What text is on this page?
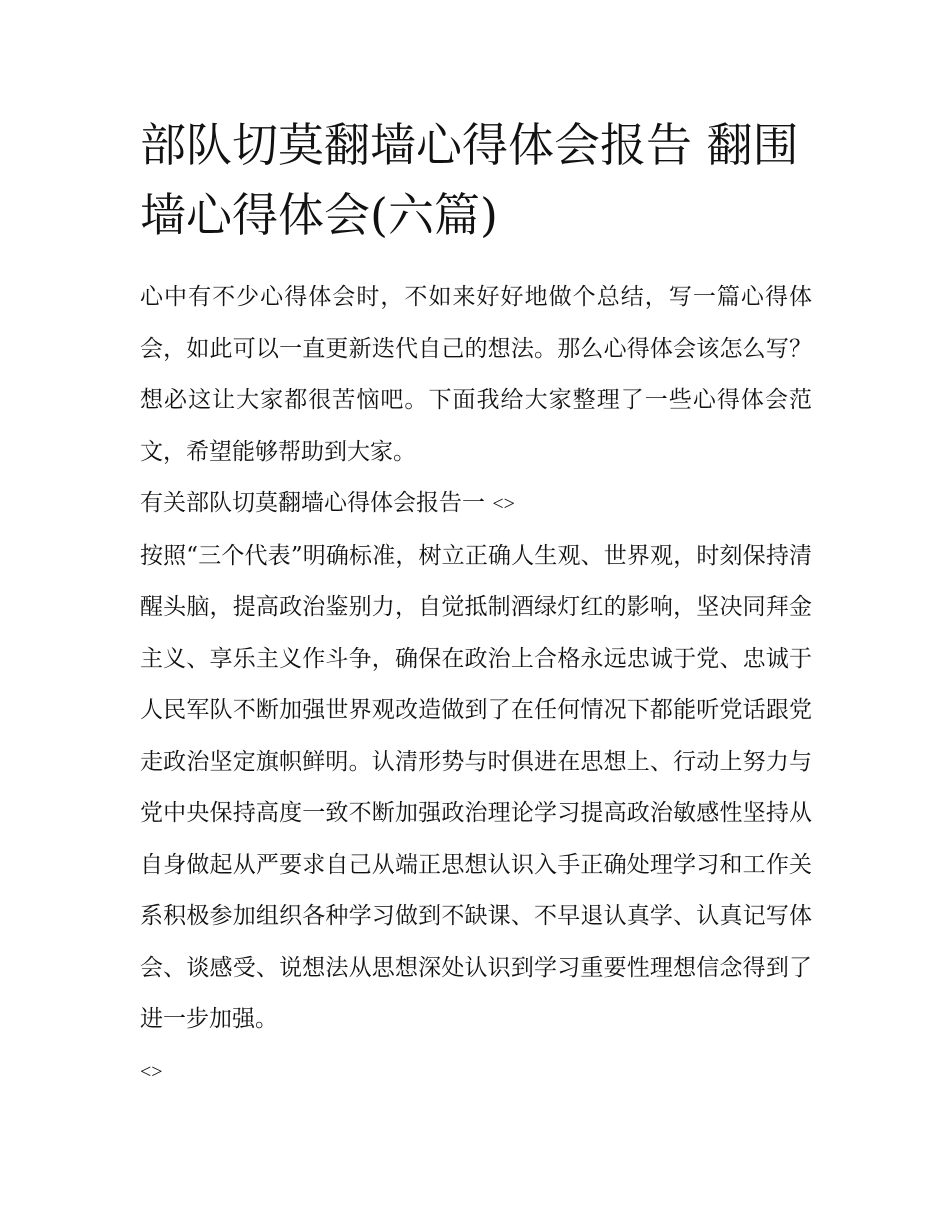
部队切莫翻墙心得体会报告 翻围墙心得体会(六篇)

心中有不少心得体会时，不如来好好地做个总结，写一篇心得体会，如此可以一直更新迭代自己的想法。那么心得体会该怎么写？想必这让大家都很苦恼吧。下面我给大家整理了一些心得体会范文，希望能够帮助到大家。

有关部队切莫翻墙心得体会报告一 <>

按照“三个代表”明确标准，树立正确人生观、世界观，时刻保持清醒头脑，提高政治鉴别力，自觉抵制酒绿灯红的影响，坚决同拜金主义、享乐主义作斗争，确保在政治上合格永远忠诚于党、忠诚于人民军队不断加强世界观改造做到了在任何情况下都能听党话跟党走政治坚定旗帜鲜明。认清形势与时俱进在思想上、行动上努力与党中央保持高度一致不断加强政治理论学习提高政治敏感性坚持从自身做起从严要求自己从端正思想认识入手正确处理学习和工作关系积极参加组织各种学习做到不缺课、不早退认真学、认真记写体会、谈感受、说想法从思想深处认识到学习重要性理想信念得到了进一步加强。

<>
